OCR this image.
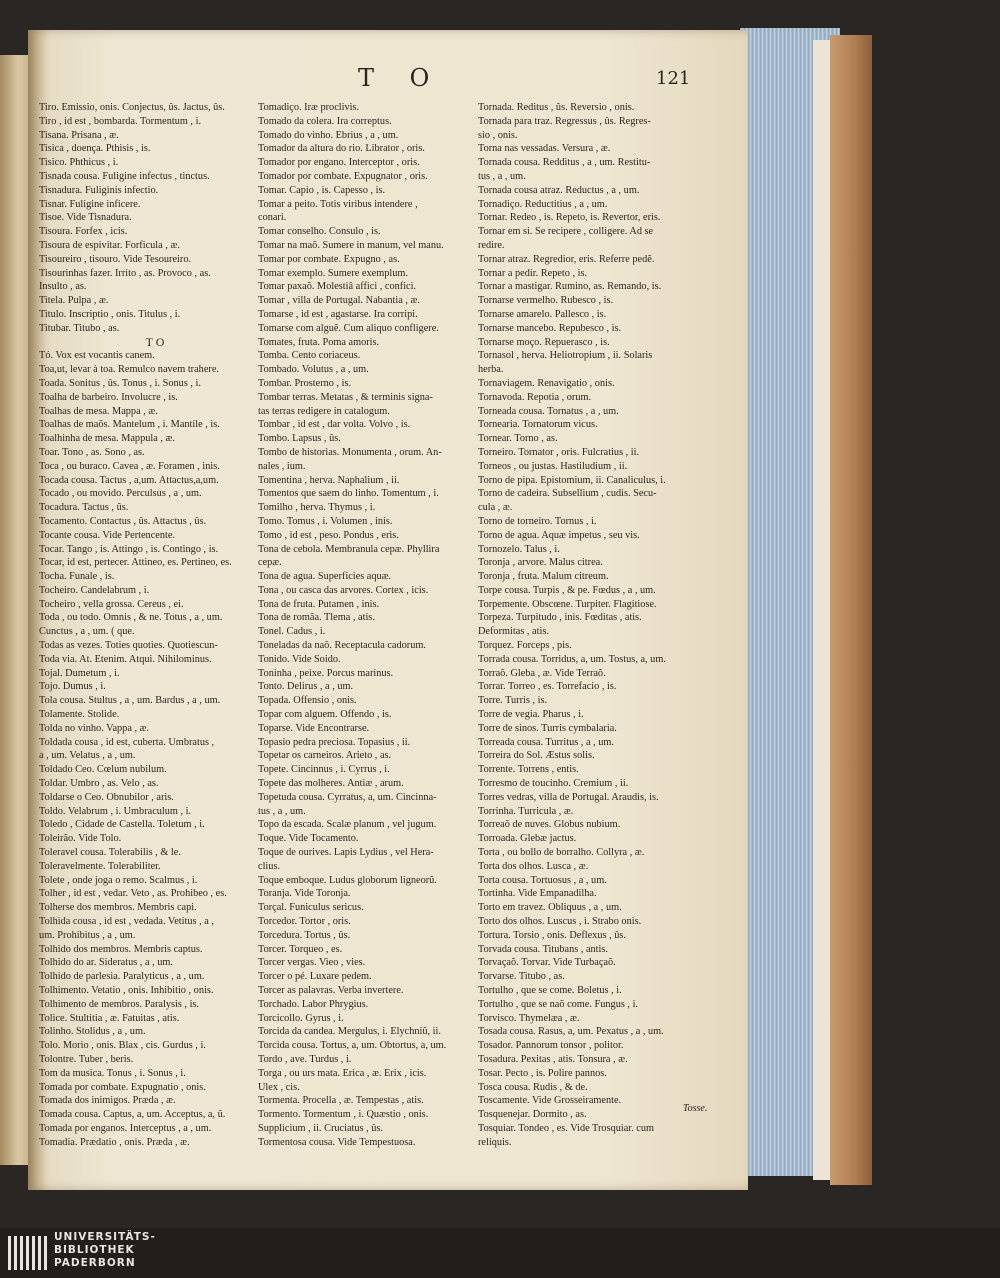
T O	121
Tiro. Emissio, onis. Conjectus, ûs. Jactus, ûs.
Tiro , id est , bombarda. Tormentum , i.
Tisana. Prisana , æ.
Tisica , doença. Pthisis , is.
Tisico. Phthicus , i.
Tisnada cousa. Fuligine infectus , tinctus.
Tisnadura. Fuliginis infectio.
Tisnar. Fuligine inficere.
Tisoe. Vide Tisnadura.
Tisoura. Forfex , icis.
Tisoura de espivitar. Forficula , æ.
Tisoureiro , tisouro. Vide Tesoureiro.
Tisourinhas fazer. Irrito , as. Provoco , as.
Insulto , as.
Titela. Pulpa , æ.
Titulo. Inscriptio , onis. Titulus , i.
Titubar. Titubo , as.
T O
Tó. Vox est vocantis canem.
Toa,ut, levar à toa. Remulco navem trahere.
Toada. Sonitus , ûs. Tonus , i. Sonus , i.
Toalha de barbeiro. Involucre , is.
Toalhas de mesa. Mappa , æ.
Toalhas de maõs. Mantelum , i. Mantile , is.
Toalhinha de mesa. Mappula , æ.
Toar. Tono , as. Sono , as.
Toca , ou buraco. Cavea , æ. Foramen , inis.
Tocada cousa. Tactus , a,um. Attactus,a,um.
Tocado , ou movido. Perculsus , a , um.
Tocadura. Tactus , ûs.
Tocamento. Contactus , ûs. Attactus , ûs.
Tocante cousa. Vide Pertencente.
Tocar. Tango , is. Attingo , is. Contingo , is.
Tocar, id est, pertecer. Attineo, es. Pertineo, es.
Tocha. Funale , is.
Tocheiro. Candelabrum , i.
Tocheiro , vella grossa. Cereus , ei.
Toda , ou todo. Omnis , & ne. Totus , a , um.
Cunctus , a , um. ( que.
Todas as vezes. Toties quoties. Quotiescun-
Toda via. At. Etenim. Atqui. Nihilominus.
Tojal. Dumetum , i.
Tojo. Dumus , i.
Tola cousa. Stultus , a , um. Bardus , a , um.
Tolamente. Stolide.
Tolda no vinho. Vappa , æ.
Toldada cousa , id est, cuberta. Umbratus ,
a , um. Velatus , a , um.
Toldado Ceo. Cœlum nubilum.
Toldar. Umbro , as. Velo , as.
Toldarse o Ceo. Obnubilor , aris.
Toldo. Velabrum , i. Umbraculum , i.
Toledo , Cidade de Castella. Toletum , i.
Toleirão. Vide Tolo.
Toleravel cousa. Tolerabilis , & le.
Toleravelmente. Tolerabiliter.
Tolete , onde joga o remo. Scalmus , i.
Tolher , id est , vedar. Veto , as. Prohibeo , es.
Tolherse dos membros. Membris capi.
Tolhida cousa , id est , vedada. Vetitus , a ,
um. Prohibitus , a , um.
Tolhido dos membros. Membris captus.
Tolhido do ar. Sideratus , a , um.
Tolhido de parlesia. Paralyticus , a , um.
Tolhimento. Vetatio , onis. Inhibitio , onis.
Tolhimento de membros. Paralysis , is.
Tolice. Stultitia , æ. Fatuitas , atis.
Tolinho. Stolidus , a , um.
Tolo. Morio , onis. Blax , cis. Gurdus , i.
Tolontre. Tuber , beris.
Tom da musica. Tonus , i. Sonus , i.
Tomada por combate. Expugnatio , onis.
Tomada dos inimigos. Præda , æ.
Tomada cousa. Captus, a, um. Acceptus, a, ũ.
Tomada por enganos. Interceptus , a , um.
Tomadia. Prædatio , onis. Præda , æ.
Tomadiço. Iræ proclivis.
Tomado da colera. Ira correptus.
Tomado do vinho. Ebrius , a , um.
Tomador da altura do rio. Librator , oris.
Tomador por engano. Interceptor , oris.
Tomador por combate. Expugnator , oris.
Tomar. Capio , is. Capesso , is.
Tomar a peito. Totis viribus intendere ,
conari.
Tomar conselho. Consulo , is.
Tomar na maõ. Sumere in manum, vel manu.
Tomar por combate. Expugno , as.
Tomar exemplo. Sumere exemplum.
Tomar paxaõ. Molestiâ affici , confici.
Tomar , villa de Portugal. Nabantia , æ.
Tomarse , id est , agastarse. Ira corripi.
Tomarse com alguẽ. Cum aliquo confligere.
Tomates, fruta. Poma amoris.
Tomba. Cento coriaceus.
Tombado. Volutus , a , um.
Tombar. Prosterno , is.
Tombar terras. Metatas , & terminis signa-
tas terras redigere in catalogum.
Tombar , id est , dar volta. Volvo , is.
Tombo. Lapsus , ûs.
Tombo de historias. Monumenta , orum. An-
nales , ium.
Tomentina , herva. Naphalium , ii.
Tomentos que saem do linho. Tomentum , i.
Tomilho , herva. Thymus , i.
Tomo. Tomus , i. Volumen , inis.
Tomo , id est , peso. Pondus , eris.
Tona de cebola. Membranula cepæ. Phyllira
cepæ.
Tona de agua. Superficies aquæ.
Tona , ou casca das arvores. Cortex , icis.
Tona de fruta. Putamen , inis.
Tona de romãa. Tlema , atis.
Tonel. Cadus , i.
Toneladas da naõ. Receptacula cadorum.
Tonido. Vide Soido.
Toninha , peixe. Porcus marinus.
Tonto. Delirus , a , um.
Topada. Offensio , onis.
Topar com alguem. Offendo , is.
Toparse. Vide Encontrarse.
Topasio pedra preciosa. Topasius , ii.
Topetar os carneiros. Arieto , as.
Topete. Cincinnus , i. Cyrrus , i.
Topete das molheres. Antiæ , arum.
Topetuda cousa. Cyrratus, a, um. Cincinna-
tus , a , um.
Topo da escada. Scalæ planum , vel jugum.
Toque. Vide Tocamento.
Toque de ourives. Lapis Lydius , vel Hera-
clius.
Toque emboque. Ludus globorum ligneorũ.
Toranja. Vide Toronja.
Torçal. Funiculus sericus.
Torcedor. Tortor , oris.
Torcedura. Tortus , ûs.
Torcer. Torqueo , es.
Torcer vergas. Vieo , vies.
Torcer o pé. Luxare pedem.
Torcer as palavras. Verba invertere.
Torchado. Labor Phrygius.
Torcicollo. Gyrus , i.
Torcida da candea. Mergulus, i. Elychniũ, ii.
Torcida cousa. Tortus, a, um. Obtortus, a, um.
Tordo , ave. Turdus , i.
Torga , ou urs mata. Erica , æ. Erix , icis.
Ulex , cis.
Tormenta. Procella , æ. Tempestas , atis.
Tormento. Tormentum , i. Quæstio , onis.
Supplicium , ii. Cruciatus , ûs.
Tormentosa cousa. Vide Tempestuosa.
Tornada. Reditus , ûs. Reversio , onis.
Tornada para traz. Regressus , ûs. Regres-
sio , onis.
Torna nas vessadas. Versura , æ.
Tornada cousa. Redditus , a , um. Restitu-
tus , a , um.
Tornada cousa atraz. Reductus , a , um.
Tornadiço. Reductitius , a , um.
Tornar. Redeo , is. Repeto, is. Revertor, eris.
Tornar em si. Se recipere , colligere. Ad se
redire.
Tornar atraz. Regredior, eris. Referre pedẽ.
Tornar a pedir. Repeto , is.
Tornar a mastigar. Rumino, as. Remando, is.
Tornarse vermelho. Rubesco , is.
Tornarse amarelo. Pallesco , is.
Tornarse mancebo. Repubesco , is.
Tornarse moço. Repuerasco , is.
Tornasol , herva. Heliotropium , ii. Solaris
herba.
Tornaviagem. Renavigatio , onis.
Tornavoda. Repotia , orum.
Torneada cousa. Tornatus , a , um.
Tornearia. Tornatorum vicus.
Tornear. Torno , as.
Torneiro. Tornator , oris. Fulcratius , ii.
Torneos , ou justas. Hastiludium , ii.
Torno de pipa. Epistomium, ii. Canaliculus, i.
Torno de cadeira. Subsellium , cudis. Secu-
cula , æ.
Torno de torneiro. Tornus , i.
Torno de agua. Aquæ impetus , seu vis.
Tornozelo. Talus , i.
Toronja , arvore. Malus citrea.
Toronja , fruta. Malum citreum.
Torpe cousa. Turpis , & pe. Fœdus , a , um.
Torpemente. Obscœne. Turpiter. Flagitiose.
Torpeza. Turpitudo , inis. Fœditas , atis.
Deformitas , atis.
Torquez. Forceps , pis.
Torrada cousa. Torridus, a, um. Tostus, a, um.
Torraõ. Gleba , æ. Vide Terraõ.
Torrar. Torreo , es. Torrefacio , is.
Torre. Turris , is.
Torre de vegia. Pharus , i.
Torre de sinos. Turris cymbalaria.
Torreada cousa. Turritus , a , um.
Torreira do Sol. Æstus solis.
Torrente. Torrens , entis.
Torresmo de toucinho. Cremium , ii.
Torres vedras, villa de Portugal. Araudis, is.
Torrinha. Turricula , æ.
Torreaõ de nuves. Globus nubium.
Torroada. Glebæ jactus.
Torta , ou bollo de borralho. Collyra , æ.
Torta dos olhos. Lusca , æ.
Torta cousa. Tortuosus , a , um.
Tortinha. Vide Empanadilha.
Torto em travez. Obliquus , a , um.
Torto dos olhos. Luscus , i. Strabo onis.
Tortura. Torsio , onis. Deflexus , ûs.
Torvada cousa. Titubans , antis.
Torvaçaõ. Torvar. Vide Turbaçaõ.
Torvarse. Titubo , as.
Tortulho , que se come. Boletus , i.
Tortulho , que se naõ come. Fungus , i.
Torvisco. Thymelæa , æ.
Tosada cousa. Rasus, a, um. Pexatus , a , um.
Tosador. Pannorum tonsor , politor.
Tosadura. Pexitas , atis. Tonsura , æ.
Tosar. Pecto , is. Polire pannos.
Tosca cousa. Rudis , & de.
Toscamente. Vide Grosseiramente.
Tosquenejar. Dormito , as.
Tosquiar. Tondeo , es. Vide Trosquiar. cum
reliquis.
Tosse.
UNIVERSITÄTS-
BIBLIOTHEK
PADERBORN
